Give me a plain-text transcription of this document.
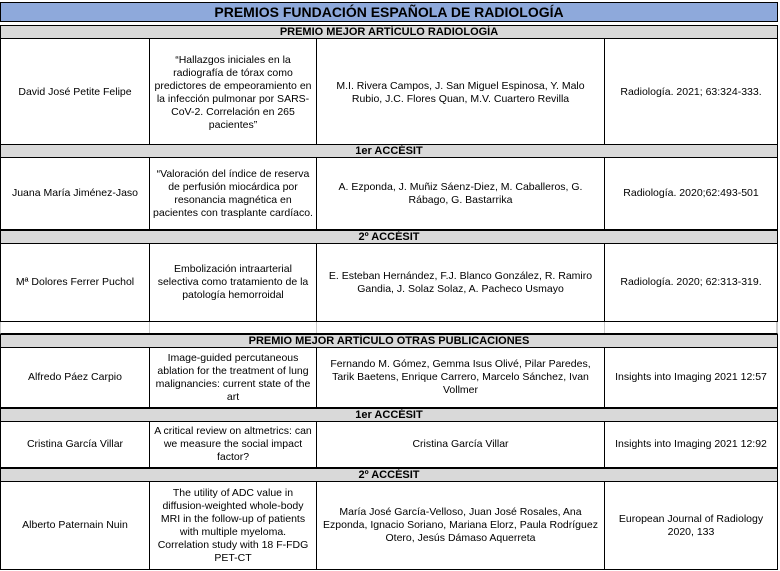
PREMIOS FUNDACIÓN ESPAÑOLA DE RADIOLOGÍA
PREMIO MEJOR ARTÍCULO RADIOLOGÍA
David José Petite Felipe
“Hallazgos iniciales en la radiografía de tórax como predictores de empeoramiento en la infección pulmonar por SARS-CoV-2. Correlación en 265 pacientes”
M.I. Rivera Campos, J. San Miguel Espinosa, Y. Malo Rubio, J.C. Flores Quan, M.V. Cuartero Revilla
Radiología. 2021; 63:324-333.
1er ACCÉSIT
Juana María Jiménez-Jaso
“Valoración del índice de reserva de perfusión miocárdica por resonancia magnética en pacientes con trasplante cardíaco.
A. Ezponda, J. Muñiz Sáenz-Diez, M. Caballeros, G. Rábago, G. Bastarrika
Radiología. 2020;62:493-501
2º ACCÉSIT
Mª Dolores Ferrer Puchol
Embolización intraarterial selectiva como tratamiento de la patología hemorroidal
E. Esteban Hernández, F.J. Blanco González, R. Ramiro Gandia, J. Solaz Solaz, A. Pacheco Usmayo
Radiología. 2020; 62:313-319.
PREMIO MEJOR ARTÍCULO OTRAS PUBLICACIONES
Alfredo Páez Carpio
Image-guided percutaneous ablation for the treatment of lung malignancies: current state of the art
Fernando M. Gómez, Gemma Isus Olivé, Pilar Paredes, Tarik Baetens, Enrique Carrero, Marcelo Sánchez, Ivan Vollmer
Insights into Imaging 2021 12:57
1er ACCÉSIT
Cristina García Villar
A critical review on altmetrics: can we measure the social impact factor?
Cristina García Villar	Insights into Imaging 2021 12:92
2º ACCÉSIT
Alberto Paternain Nuin
The utility of ADC value in diffusion-weighted whole-body MRI in the follow-up of patients with multiple myeloma. Correlation study with 18 F-FDG PET-CT
María José García-Velloso, Juan José Rosales, Ana Ezponda, Ignacio Soriano, Mariana Elorz, Paula Rodríguez Otero, Jesús Dámaso Aquerreta
European Journal of Radiology 2020, 133
